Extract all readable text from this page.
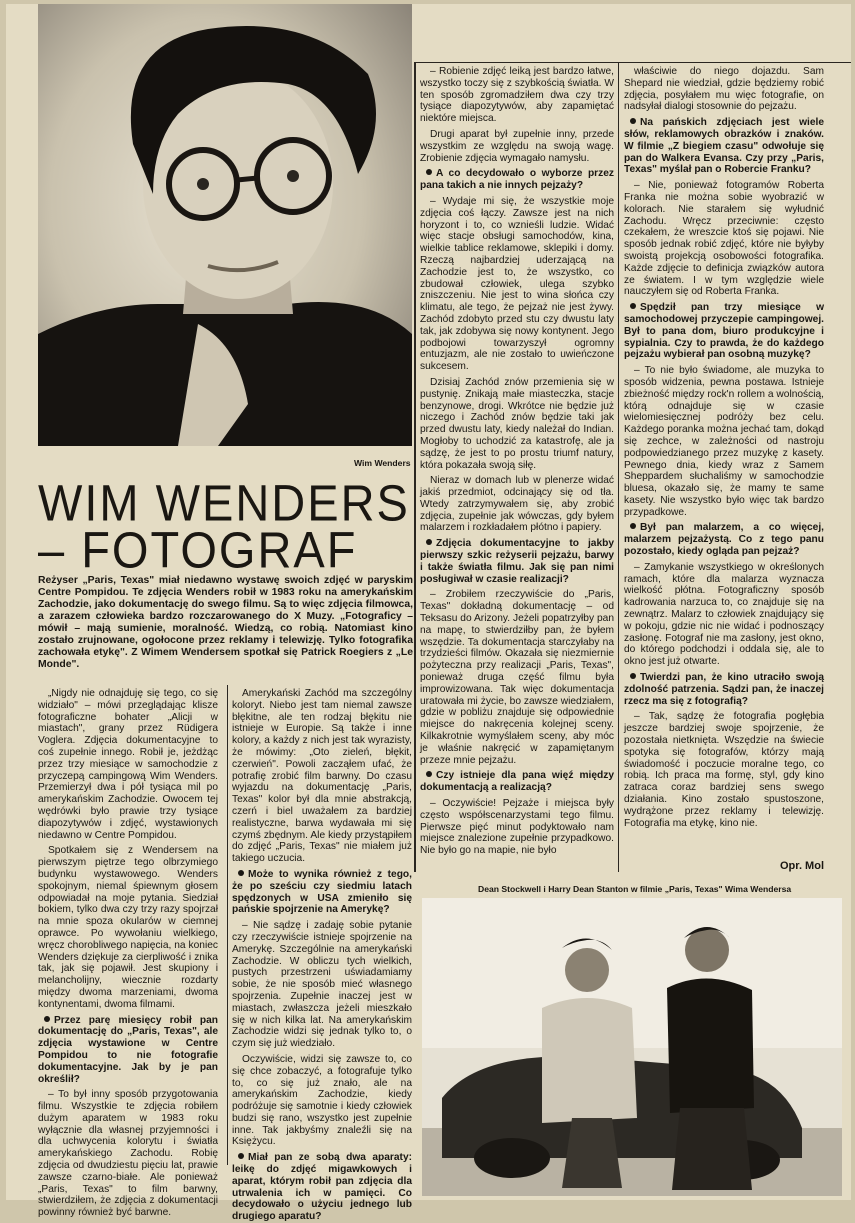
Wim Wenders
WIM WENDERS
– FOTOGRAF
Reżyser „Paris, Texas" miał niedawno wystawę swoich zdjęć w paryskim Centre Pompidou. Te zdjęcia Wenders robił w 1983 roku na amerykańskim Zachodzie, jako dokumentację do swego filmu. Są to więc zdjęcia filmowca, a zarazem człowieka bardzo rozczarowanego do X Muzy. „Fotograficy – mówił – mają sumienie, moralność. Wiedzą, co robią. Natomiast kino zostało zrujnowane, ogołocone przez reklamy i telewizję. Tylko fotografika zachowała etykę". Z Wimem Wendersem spotkał się Patrick Roegiers z „Le Monde".

„Nigdy nie odnajduję się tego, co się widziało" – mówi przeglądając klisze fotograficzne bohater „Alicji w miastach", grany przez Rüdigera Voglera. Zdjęcia dokumentacyjne to coś zupełnie innego. Robił je, jeżdżąc przez trzy miesiące w samochodzie z przyczepą campingową Wim Wenders. Przemierzył dwa i pół tysiąca mil po amerykańskim Zachodzie. Owocem tej wędrówki było prawie trzy tysiące diapozytywów i zdjęć, wystawionych niedawno w Centre Pompidou.

Spotkałem się z Wendersem na pierwszym piętrze tego olbrzymiego budynku wystawowego. Wenders spokojnym, niemal śpiewnym głosem odpowiadał na moje pytania. Siedział bokiem, tylko dwa czy trzy razy spojrzał na mnie spoza okularów w ciemnej oprawce. Po wywołaniu wielkiego, wręcz chorobliwego napięcia, na koniec Wenders dziękuje za cierpliwość i znika tak, jak się pojawił. Jest skupiony i melancholijny, wiecznie rozdarty między dwoma marzeniami, dwoma kontynentami, dwoma filmami.

Przez parę miesięcy robił pan dokumentację do „Paris, Texas", ale zdjęcia wystawione w Centre Pompidou to nie fotografie dokumentacyjne. Jak by je pan określił?

– To był inny sposób przygotowania filmu. Wszystkie te zdjęcia robiłem dużym aparatem w 1983 roku wyłącznie dla własnej przyjemności i dla uchwycenia kolorytu i światła amerykańskiego Zachodu. Robię zdjęcia od dwudziestu pięciu lat, prawie zawsze czarno-białe. Ale ponieważ „Paris, Texas" to film barwny, stwierdziłem, że zdjęcia z dokumentacji powinny również być barwne.

Amerykański Zachód ma szczególny koloryt. Niebo jest tam niemal zawsze błękitne, ale ten rodzaj błękitu nie istnieje w Europie. Są także i inne kolory, a każdy z nich jest tak wyrazisty, że mówimy: „Oto zieleń, błękit, czerwień". Powoli zacząłem ufać, że potrafię zrobić film barwny. Do czasu wyjazdu na dokumentację „Paris, Texas" kolor był dla mnie abstrakcją, czerń i biel uważałem za bardziej realistyczne, barwa wydawała mi się czymś zbędnym. Ale kiedy przystąpiłem do zdjęć „Paris, Texas" nie miałem już takiego uczucia.

Może to wynika również z tego, że po sześciu czy siedmiu latach spędzonych w USA zmieniło się pańskie spojrzenie na Amerykę?

– Nie sądzę i zadaję sobie pytanie czy rzeczywiście istnieje spojrzenie na Amerykę. Szczególnie na amerykański Zachodzie. W obliczu tych wielkich, pustych przestrzeni uświadamiamy sobie, że nie sposób mieć własnego spojrzenia. Zupełnie inaczej jest w miastach, zwłaszcza jeżeli mieszkało się w nich kilka lat. Na amerykańskim Zachodzie widzi się jednak tylko to, o czym się już wiedziało.

Oczywiście, widzi się zawsze to, co się chce zobaczyć, a fotografuje tylko to, co się już znało, ale na amerykańskim Zachodzie, kiedy podróżuje się samotnie i kiedy człowiek budzi się rano, wszystko jest zupełnie inne. Tak jakbyśmy znaleźli się na Księżycu.

Miał pan ze sobą dwa aparaty: leikę do zdjęć migawkowych i aparat, którym robił pan zdjęcia dla utrwalenia ich w pamięci. Co decydowało o użyciu jednego lub drugiego aparatu?

– Robienie zdjęć leiką jest bardzo łatwe, wszystko toczy się z szybkością światła. W ten sposób zgromadziłem dwa czy trzy tysiące diapozytywów, aby zapamiętać niektóre miejsca.

Drugi aparat był zupełnie inny, przede wszystkim ze względu na swoją wagę. Zrobienie zdjęcia wymagało namysłu.

A co decydowało o wyborze przez pana takich a nie innych pejzaży?

– Wydaje mi się, że wszystkie moje zdjęcia coś łączy. Zawsze jest na nich horyzont i to, co wznieśli ludzie. Widać więc stacje obsługi samochodów, kina, wielkie tablice reklamowe, sklepiki i domy. Rzeczą najbardziej uderzającą na Zachodzie jest to, że wszystko, co zbudował człowiek, ulega szybko zniszczeniu. Nie jest to wina słońca czy klimatu, ale tego, że pejzaż nie jest żywy. Zachód zdobyto przed stu czy dwustu laty tak, jak zdobywa się nowy kontynent. Jego podbojowi towarzyszył ogromny entuzjazm, ale nie zostało to uwieńczone sukcesem.

Dzisiaj Zachód znów przemienia się w pustynię. Znikają małe miasteczka, stacje benzynowe, drogi. Wkrótce nie będzie już niczego i Zachód znów będzie taki jak przed dwustu laty, kiedy należał do Indian. Mogłoby to uchodzić za katastrofę, ale ja sądzę, że jest to po prostu triumf natury, która pokazała swoją siłę.

Nieraz w domach lub w plenerze widać jakiś przedmiot, odcinający się od tła. Wtedy zatrzymywałem się, aby zrobić zdjęcia, zupełnie jak wówczas, gdy byłem malarzem i rozkładałem płótno i papiery.

Zdjęcia dokumentacyjne to jakby pierwszy szkic reżyserii pejzażu, barwy i także światła filmu. Jak się pan nimi posługiwał w czasie realizacji?

– Zrobiłem rzeczywiście do „Paris, Texas" dokładną dokumentację – od Teksasu do Arizony. Jeżeli popatrzyłby pan na mapę, to stwierdziłby pan, że byłem wszędzie. Ta dokumentacja starczyłaby na trzydzieści filmów. Okazała się niezmiernie pożyteczna przy realizacji „Paris, Texas", ponieważ druga część filmu była improwizowana. Tak więc dokumentacja uratowała mi życie, bo zawsze wiedziałem, gdzie w pobliżu znajduje się odpowiednie miejsce do nakręcenia kolejnej sceny. Kilkakrotnie wymyślałem sceny, aby móc je właśnie nakręcić w zapamiętanym przeze mnie pejzażu.

Czy istnieje dla pana więź między dokumentacją a realizacją?

– Oczywiście! Pejzaże i miejsca były często współscenarzystami tego filmu. Pierwsze pięć minut podyktowało nam miejsce znalezione zupełnie przypadkowo. Nie było go na mapie, nie było

właściwie do niego dojazdu. Sam Shepard nie wiedział, gdzie będziemy robić zdjęcia, posyłałem mu więc fotografie, on nadsyłał dialogi stosownie do pejzażu.

Na pańskich zdjęciach jest wiele słów, reklamowych obrazków i znaków. W filmie „Z biegiem czasu" odwołuje się pan do Walkera Evansa. Czy przy „Paris, Texas" myślał pan o Robercie Franku?

– Nie, ponieważ fotogramów Roberta Franka nie można sobie wyobrazić w kolorach. Nie starałem się wyłudnić Zachodu. Wręcz przeciwnie: często czekałem, że wreszcie ktoś się pojawi. Nie sposób jednak robić zdjęć, które nie byłyby swoistą projekcją osobowości fotografika. Każde zdjęcie to definicja związków autora ze światem. I w tym względzie wiele nauczyłem się od Roberta Franka.

Spędził pan trzy miesiące w samochodowej przyczepie campingowej. Był to pana dom, biuro produkcyjne i sypialnia. Czy to prawda, że do każdego pejzażu wybierał pan osobną muzykę?

– To nie było świadome, ale muzyka to sposób widzenia, pewna postawa. Istnieje zbieżność między rock'n rollem a wolnością, którą odnajduje się w czasie wielomiesięcznej podróży bez celu. Każdego poranka można jechać tam, dokąd się zechce, w zależności od nastroju podpowiedzianego przez muzykę z kasety. Pewnego dnia, kiedy wraz z Samem Sheppardem słuchaliśmy w samochodzie bluesa, okazało się, że mamy te same kasety. Nie wszystko było więc tak bardzo przypadkowe.

Był pan malarzem, a co więcej, malarzem pejzażystą. Co z tego panu pozostało, kiedy ogląda pan pejzaż?

– Zamykanie wszystkiego w określonych ramach, które dla malarza wyznacza wielkość płótna. Fotograficzny sposób kadrowania narzuca to, co znajduje się na zewnątrz. Malarz to człowiek znajdujący się w pokoju, gdzie nic nie widać i podnoszący zasłonę. Fotograf nie ma zasłony, jest okno, do którego podchodzi i oddala się, ale to okno jest już otwarte.

Twierdzi pan, że kino utraciło swoją zdolność patrzenia. Sądzi pan, że inaczej rzecz ma się z fotografią?

– Tak, sądzę że fotografia pogłębia jeszcze bardziej swoje spojrzenie, że pozostała nietknięta. Wszędzie na świecie spotyka się fotografów, którzy mają świadomość i poczucie moralne tego, co robią. Ich praca ma formę, styl, gdy kino zatraca coraz bardziej sens swego działania. Kino zostało spustoszone, wydrążone przez reklamy i telewizję. Fotografia ma etykę, kino nie.

Opr. Mol
Dean Stockwell i Harry Dean Stanton w filmie „Paris, Texas" Wima Wendersa
